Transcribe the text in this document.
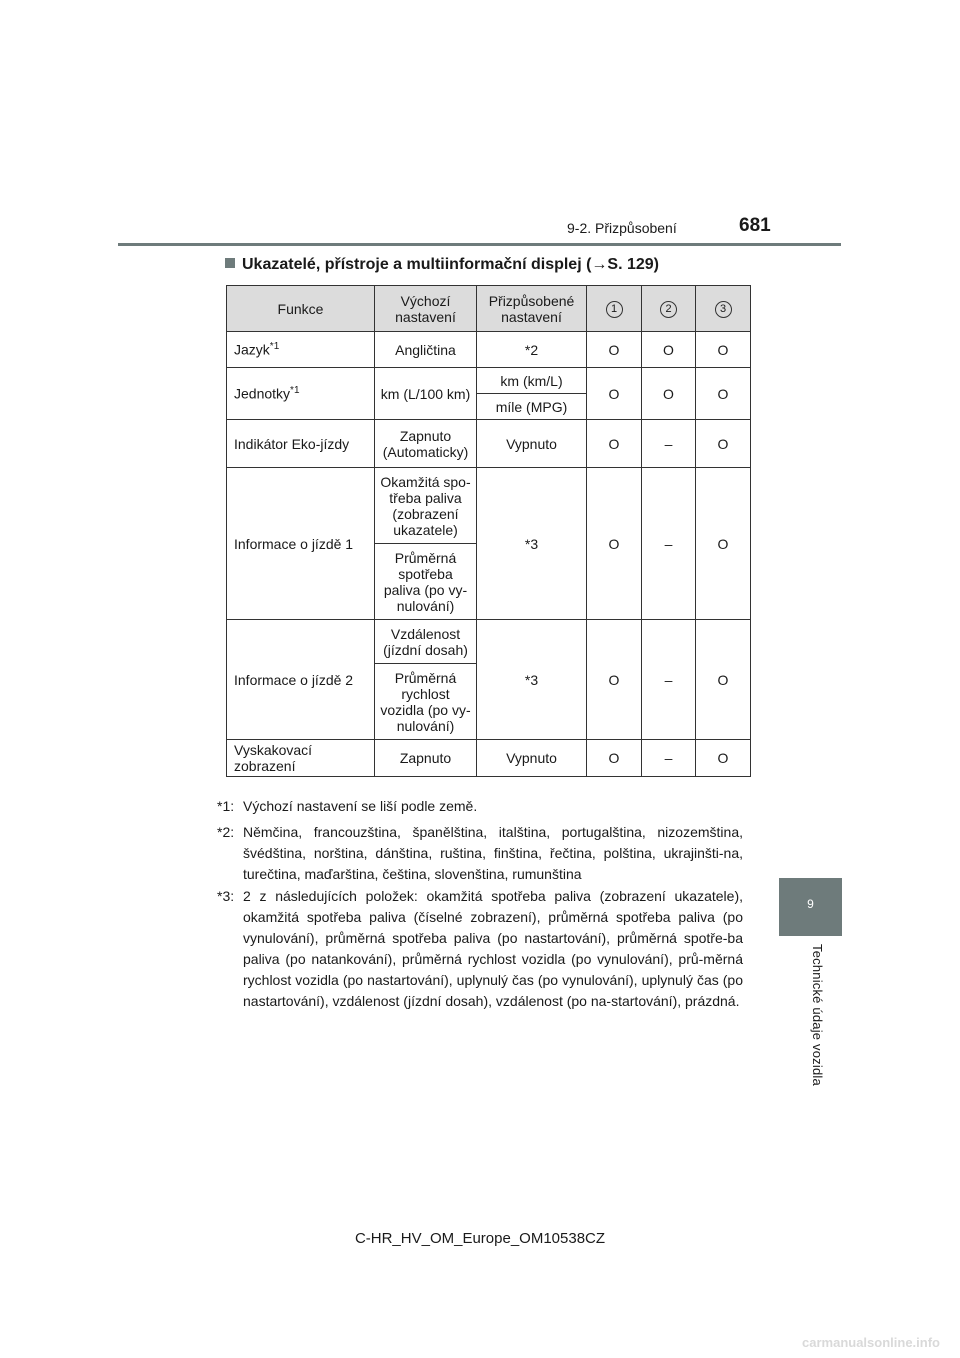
9-2. Přizpůsobení	681
9
Technické údaje vozidla
Ukazatelé, přístroje a multiinformační displej (→S. 129)
Funkce	Výchozí nastavení	Přizpůsobené nastavení	1	2	3
Jazyk$^{*1}$	Angličtina	*2	O	O	O
Jednotky$^{*1}$	km (L/100 km)	km (km/L)	O	O	O
		míle (MPG)			
Indikátor Eko-jízdy	Zapnuto (Automaticky)	Vypnuto	O	–	O
Informace o jízdě 1	Okamžitá spo-třeba paliva (zobrazení ukazatele)	*3	O	–	O
	Průměrná spotřeba paliva (po vy-nulování)				
Informace o jízdě 2	Vzdálenost (jízdní dosah)	*3	O	–	O
	Průměrná rychlost vozidla (po vy-nulování)				
Vyskakovací zobrazení	Zapnuto	Vypnuto	O	–	O
*1: Výchozí nastavení se liší podle země.
*2: Němčina, francouzština, španělština, italština, portugalština, nizozemština, švédština, norština, dánština, ruština, finština, řečtina, polština, ukrajinšti-na, turečtina, maďarština, čeština, slovenština, rumunština
*3: 2 z následujících položek: okamžitá spotřeba paliva (zobrazení ukazatele), okamžitá spotřeba paliva (číselné zobrazení), průměrná spotřeba paliva (po vynulování), průměrná spotřeba paliva (po nastartování), průměrná spotře-ba paliva (po natankování), průměrná rychlost vozidla (po vynulování), prů-měrná rychlost vozidla (po nastartování), uplynulý čas (po vynulování), uplynulý čas (po nastartování), vzdálenost (jízdní dosah), vzdálenost (po na-startování), prázdná.
C-HR_HV_OM_Europe_OM10538CZ
carmanualsonline.info
